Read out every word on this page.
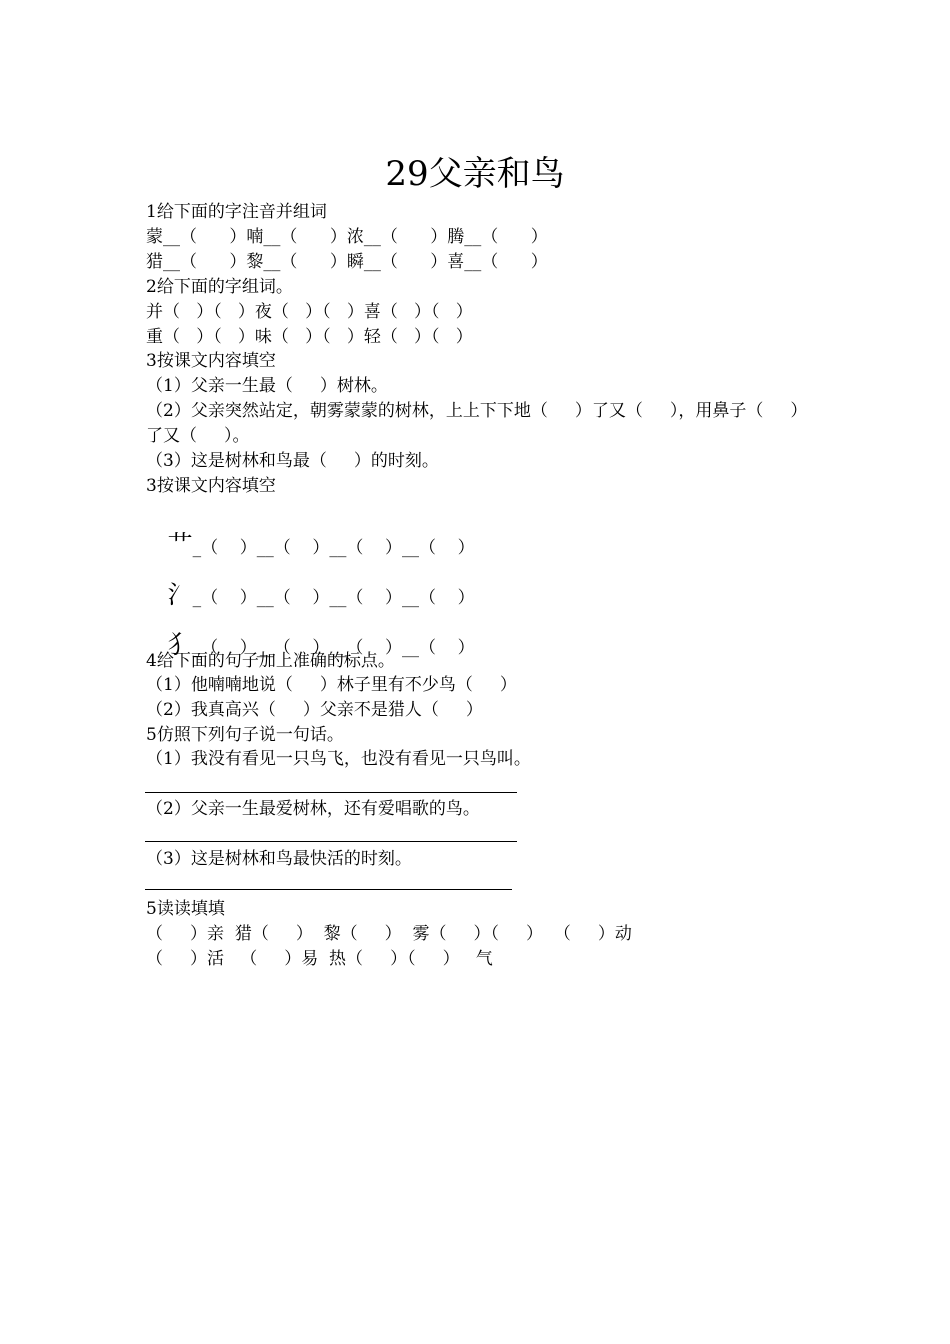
29父亲和鸟
1给下面的字注音并组词
蒙__（      ）喃__（      ）浓__（      ）腾__（      ）
猎__（      ）黎__（      ）瞬__（      ）喜__（      ）
2给下面的字组词。
并（   ）（   ）夜（   ）（   ）喜（   ）（   ）
重（   ）（   ）味（   ）（   ）轻（   ）（   ）
3按课文内容填空
（1）父亲一生最（     ）树林。
（2）父亲突然站定，朝雾蒙蒙的树林，上上下下地（     ）了又（     ），用鼻子（     ）
了又（     ）。
（3）这是树林和鸟最（     ）的时刻。
3按课文内容填空

艹_（    ）__（    ）__（    ）__（    ）

氵_（    ）__（    ）__（    ）__（    ）

犭_（    ）__（    ）__（    ）__（    ）

4给下面的句子加上准确的标点。
（1）他喃喃地说（     ）林子里有不少鸟（     ）
（2）我真高兴（     ）父亲不是猎人（     ）
5仿照下列句子说一句话。
（1）我没有看见一只鸟飞，也没有看见一只鸟叫。
（2）父亲一生最爱树林，还有爱唱歌的鸟。
（3）这是树林和鸟最快活的时刻。
5读读填填
（     ）亲  猎（     ）  黎（     ）  雾（     ）（     ）  （     ）动
（     ）活   （     ）易  热（     ）（     ）   气
